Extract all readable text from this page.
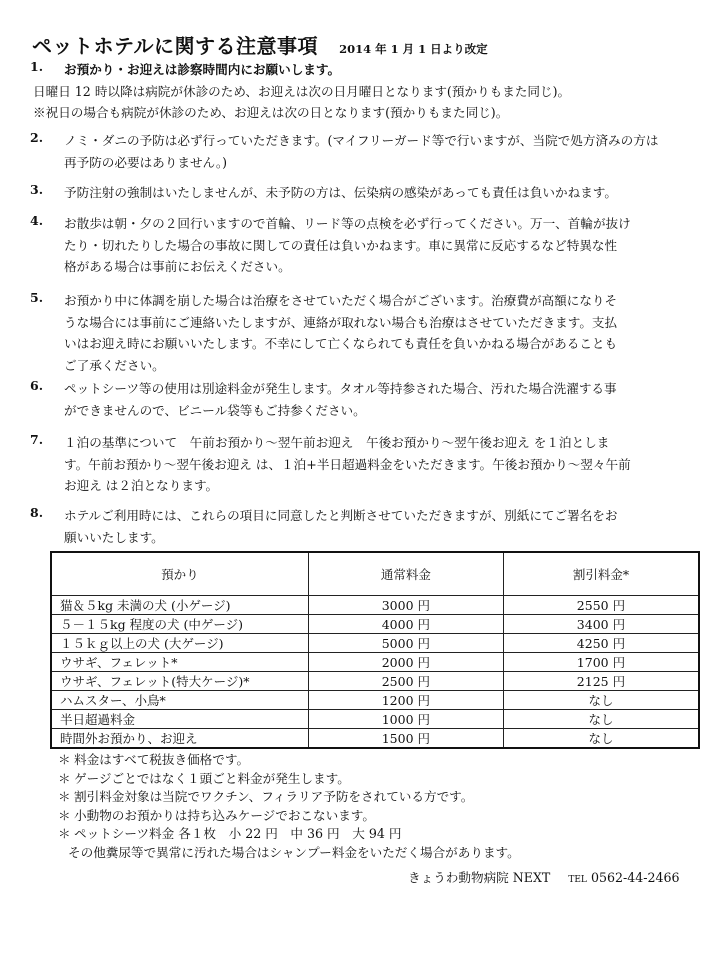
ペットホテルに関する注意事項 2014 年 1 月 1 日より改定
1. お預かり・お迎えは診察時間内にお願いします。
日曜日 12 時以降は病院が休診のため、お迎えは次の日月曜日となります(預かりもまた同じ)。
※祝日の場合も病院が休診のため、お迎えは次の日となります(預かりもまた同じ)。
2. ノミ・ダニの予防は必ず行っていただきます。(マイフリーガード等で行いますが、当院で処方済みの方は
再予防の必要はありません。)
3. 予防注射の強制はいたしませんが、未予防の方は、伝染病の感染があっても責任は負いかねます。
4. お散歩は朝・夕の２回行いますので首輪、リード等の点検を必ず行ってください。万一、首輪が抜け
たり・切れたりした場合の事故に関しての責任は負いかねます。車に異常に反応するなど特異な性
格がある場合は事前にお伝えください。
5. お預かり中に体調を崩した場合は治療をさせていただく場合がございます。治療費が高額になりそ
うな場合には事前にご連絡いたしますが、連絡が取れない場合も治療はさせていただきます。支払
いはお迎え時にお願いいたします。不幸にして亡くなられても責任を負いかねる場合があることも
ご了承ください。
6. ペットシーツ等の使用は別途料金が発生します。タオル等持参された場合、汚れた場合洗濯する事
ができませんので、ビニール袋等もご持参ください。
7. １泊の基準について　午前お預かり～翌午前お迎え　午後お預かり～翌午後お迎え を１泊としま
す。午前お預かり～翌午後お迎え は、１泊+半日超過料金をいただきます。午後お預かり～翌々午前
お迎え は２泊となります。
8. ホテルご利用時には、これらの項目に同意したと判断させていただきますが、別紙にてご署名をお
願いいたします。
預かり	通常料金	割引料金*
猫＆５kg 未満の犬 (小ゲージ)	3000 円	2550 円
５－１５kg 程度の犬 (中ゲージ)	4000 円	3400 円
１５ｋｇ以上の犬 (大ゲージ)	5000 円	4250 円
ウサギ、フェレット*	2000 円	1700 円
ウサギ、フェレット(特大ケージ)*	2500 円	2125 円
ハムスター、小鳥*	1200 円	なし
半日超過料金	1000 円	なし
時間外お預かり、お迎え	1500 円	なし
＊ 料金はすべて税抜き価格です。
＊ ゲージごとではなく１頭ごと料金が発生します。
＊ 割引料金対象は当院でワクチン、フィラリア予防をされている方です。
＊ 小動物のお預かりは持ち込みケージでおこないます。
＊ ペットシーツ料金 各１枚　小 22 円　中 36 円　大 94 円
その他糞尿等で異常に汚れた場合はシャンプー料金をいただく場合があります。
きょうわ動物病院 NEXT TEL 0562-44-2466
